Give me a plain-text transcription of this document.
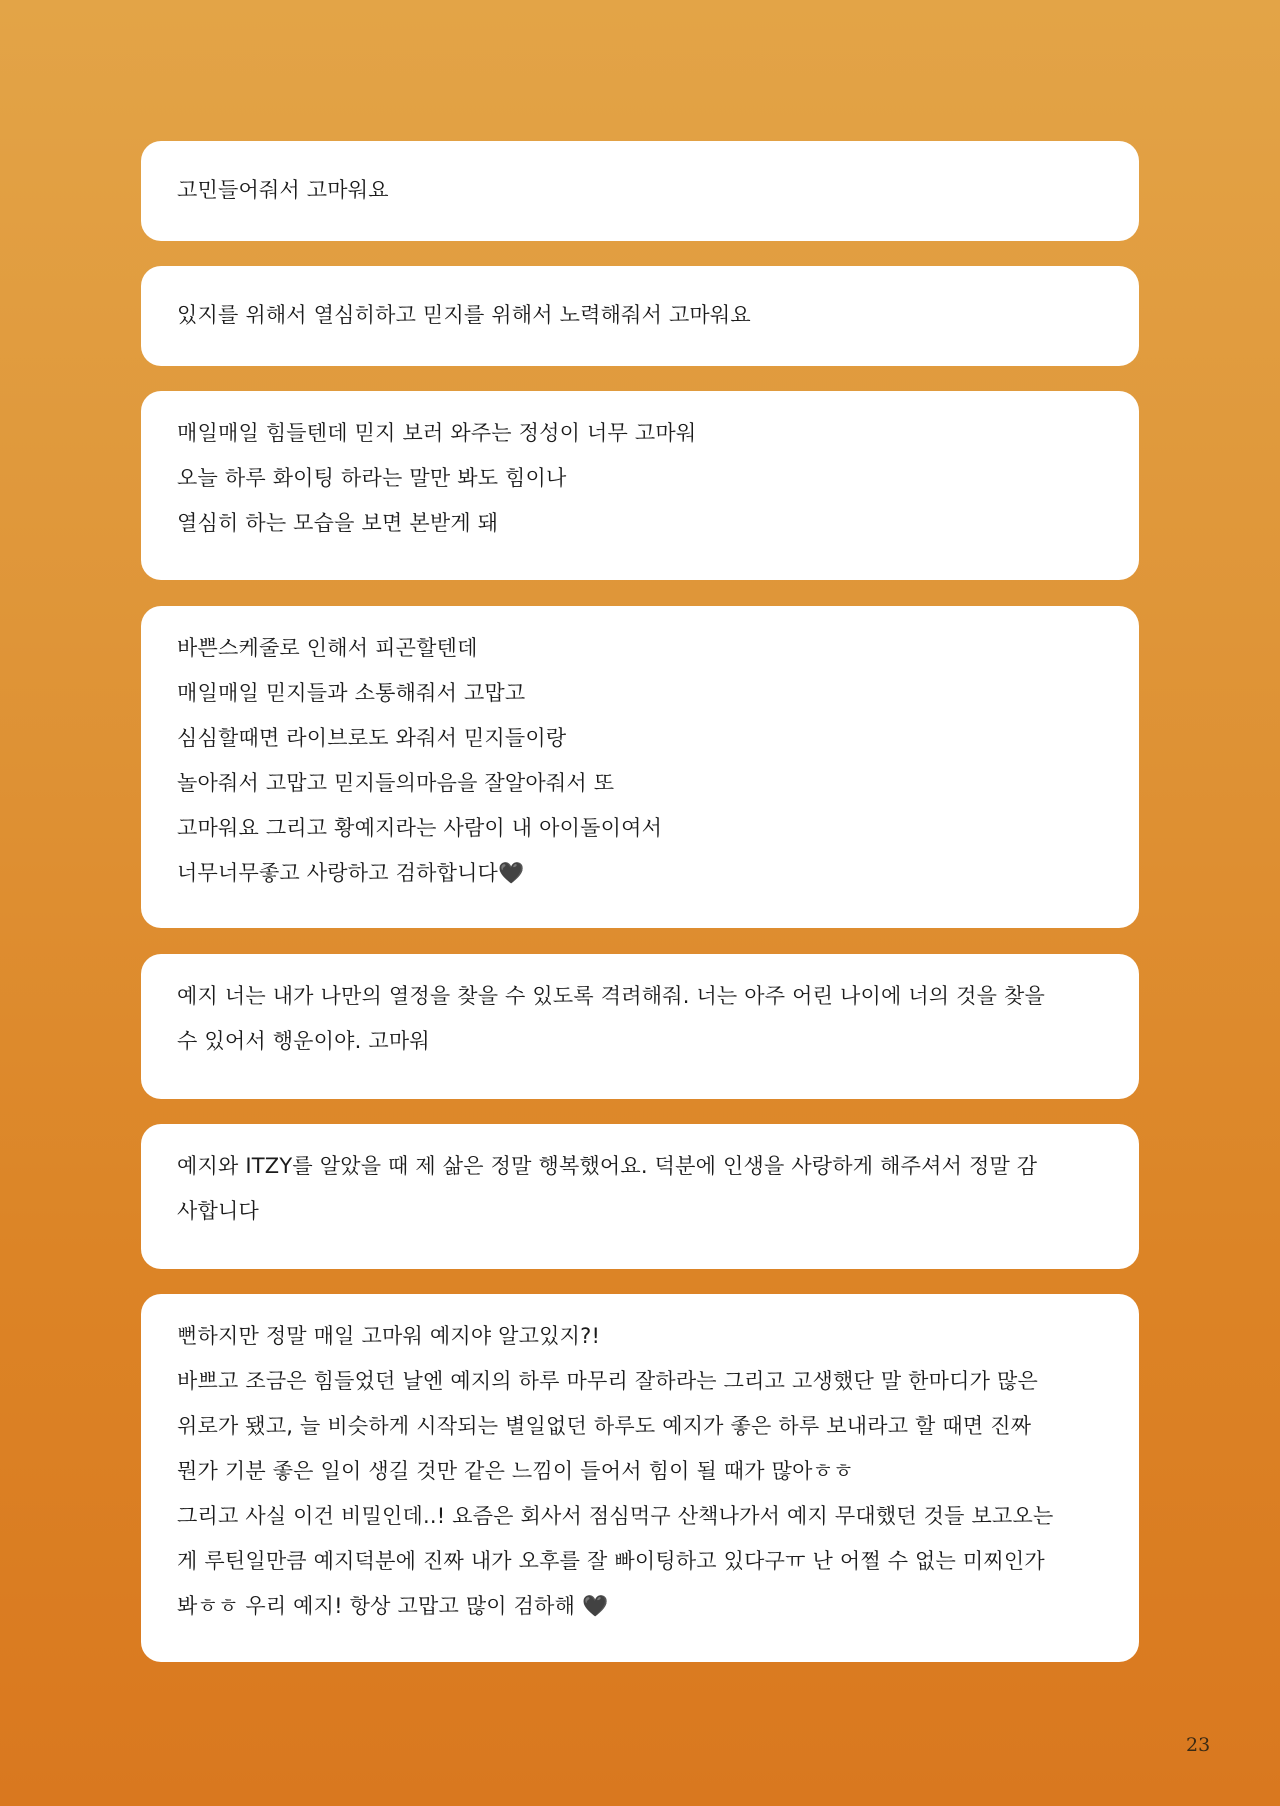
고민들어줘서 고마워요
있지를 위해서 열심히하고 믿지를 위해서 노력해줘서 고마워요
매일매일 힘들텐데 믿지 보러 와주는 정성이 너무 고마워
오늘 하루 화이팅 하라는 말만 봐도 힘이나
열심히 하는 모습을 보면 본받게 돼
바쁜스케줄로 인해서 피곤할텐데
매일매일 믿지들과 소통해줘서 고맙고
심심할때면 라이브로도 와줘서 믿지들이랑
놀아줘서 고맙고 믿지들의마음을 잘알아줘서 또
고마워요 그리고 황예지라는 사람이 내 아이돌이여서
너무너무좋고 사랑하고 검하합니다🖤
예지 너는 내가 나만의 열정을 찾을 수 있도록 격려해줘. 너는 아주 어린 나이에 너의 것을 찾을
수 있어서 행운이야. 고마워
예지와 ITZY를 알았을 때 제 삶은 정말 행복했어요. 덕분에 인생을 사랑하게 해주셔서 정말 감
사합니다
뻔하지만 정말 매일 고마워 예지야 알고있지?!
바쁘고 조금은 힘들었던 날엔 예지의 하루 마무리 잘하라는 그리고 고생했단 말 한마디가 많은
위로가 됐고, 늘 비슷하게 시작되는 별일없던 하루도 예지가 좋은 하루 보내라고 할 때면 진짜
뭔가 기분 좋은 일이 생길 것만 같은 느낌이 들어서 힘이 될 때가 많아ㅎㅎ
그리고 사실 이건 비밀인데..! 요즘은 회사서 점심먹구 산책나가서 예지 무대했던 것들 보고오는
게 루틴일만큼 예지덕분에 진짜 내가 오후를 잘 빠이팅하고 있다구ㅠ 난 어쩔 수 없는 미찌인가
봐ㅎㅎ 우리 예지! 항상 고맙고 많이 검하해 🖤
23
